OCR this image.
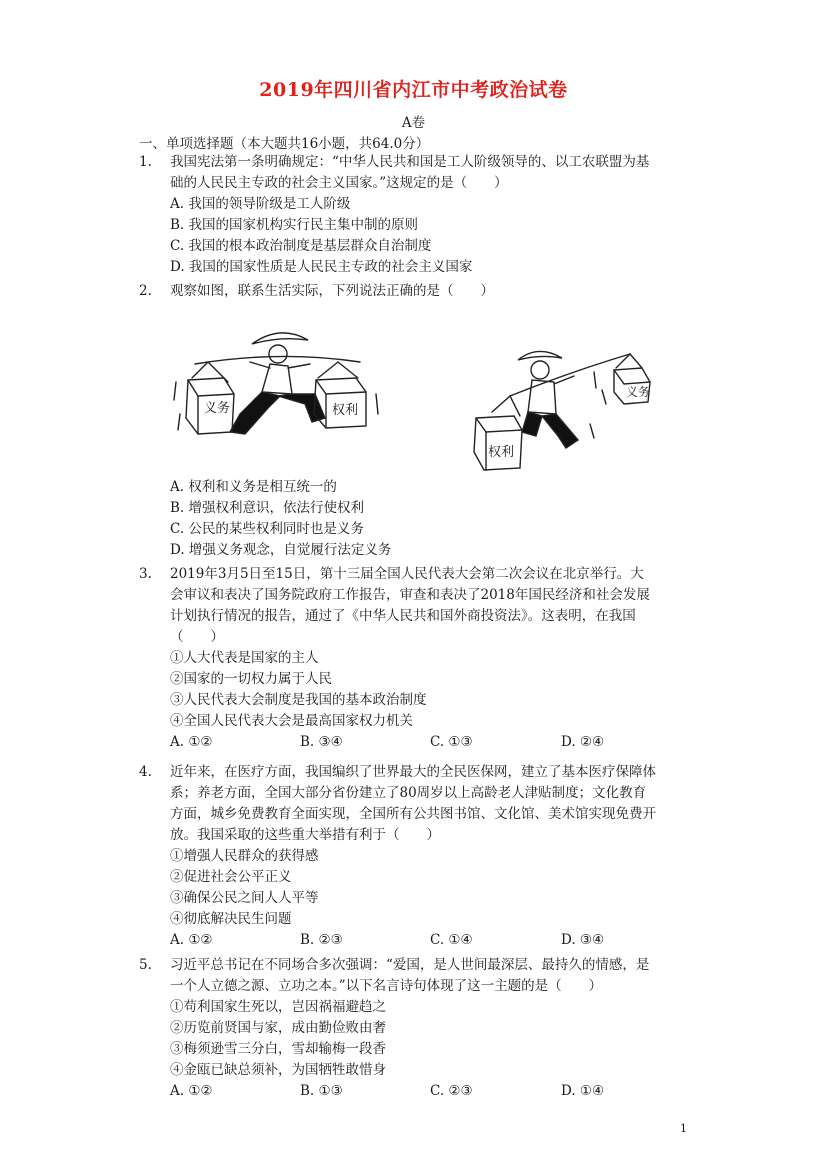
2019年四川省内江市中考政治试卷
A卷
一、单项选择题（本大题共16小题，共64.0分）
1. 我国宪法第一条明确规定：“中华人民共和国是工人阶级领导的、以工农联盟为基
础的人民民主专政的社会主义国家。”这规定的是（　　）
A. 我国的领导阶级是工人阶级
B. 我国的国家机构实行民主集中制的原则
C. 我国的根本政治制度是基层群众自治制度
D. 我国的国家性质是人民民主专政的社会主义国家
2. 观察如图，联系生活实际，下列说法正确的是（　　）
义务	权利
权利
义务
A. 权利和义务是相互统一的
B. 增强权利意识，依法行使权利
C. 公民的某些权利同时也是义务
D. 增强义务观念，自觉履行法定义务
3. 2019年3月5日至15日，第十三届全国人民代表大会第二次会议在北京举行。大
会审议和表决了国务院政府工作报告，审查和表决了2018年国民经济和社会发展
计划执行情况的报告，通过了《中华人民共和国外商投资法》。这表明，在我国
（　　）
①人大代表是国家的主人
②国家的一切权力属于人民
③人民代表大会制度是我国的基本政治制度
④全国人民代表大会是最高国家权力机关
A. ①②	B. ③④	C. ①③	D. ②④
4. 近年来，在医疗方面，我国编织了世界最大的全民医保网，建立了基本医疗保障体
系；养老方面，全国大部分省份建立了80周岁以上高龄老人津贴制度；文化教育
方面，城乡免费教育全面实现，全国所有公共图书馆、文化馆、美术馆实现免费开
放。我国采取的这些重大举措有利于（　　）
①增强人民群众的获得感
②促进社会公平正义
③确保公民之间人人平等
④彻底解决民生问题
A. ①②	B. ②③	C. ①④	D. ③④
5. 习近平总书记在不同场合多次强调：“爱国，是人世间最深层、最持久的情感，是
一个人立德之源、立功之本。”以下名言诗句体现了这一主题的是（　　）
①苟利国家生死以，岂因祸福避趋之
②历览前贤国与家，成由勤俭败由奢
③梅须逊雪三分白，雪却输梅一段香
④金瓯已缺总须补，为国牺牲敢惜身
A. ①②	B. ①③	C. ②③	D. ①④
1
